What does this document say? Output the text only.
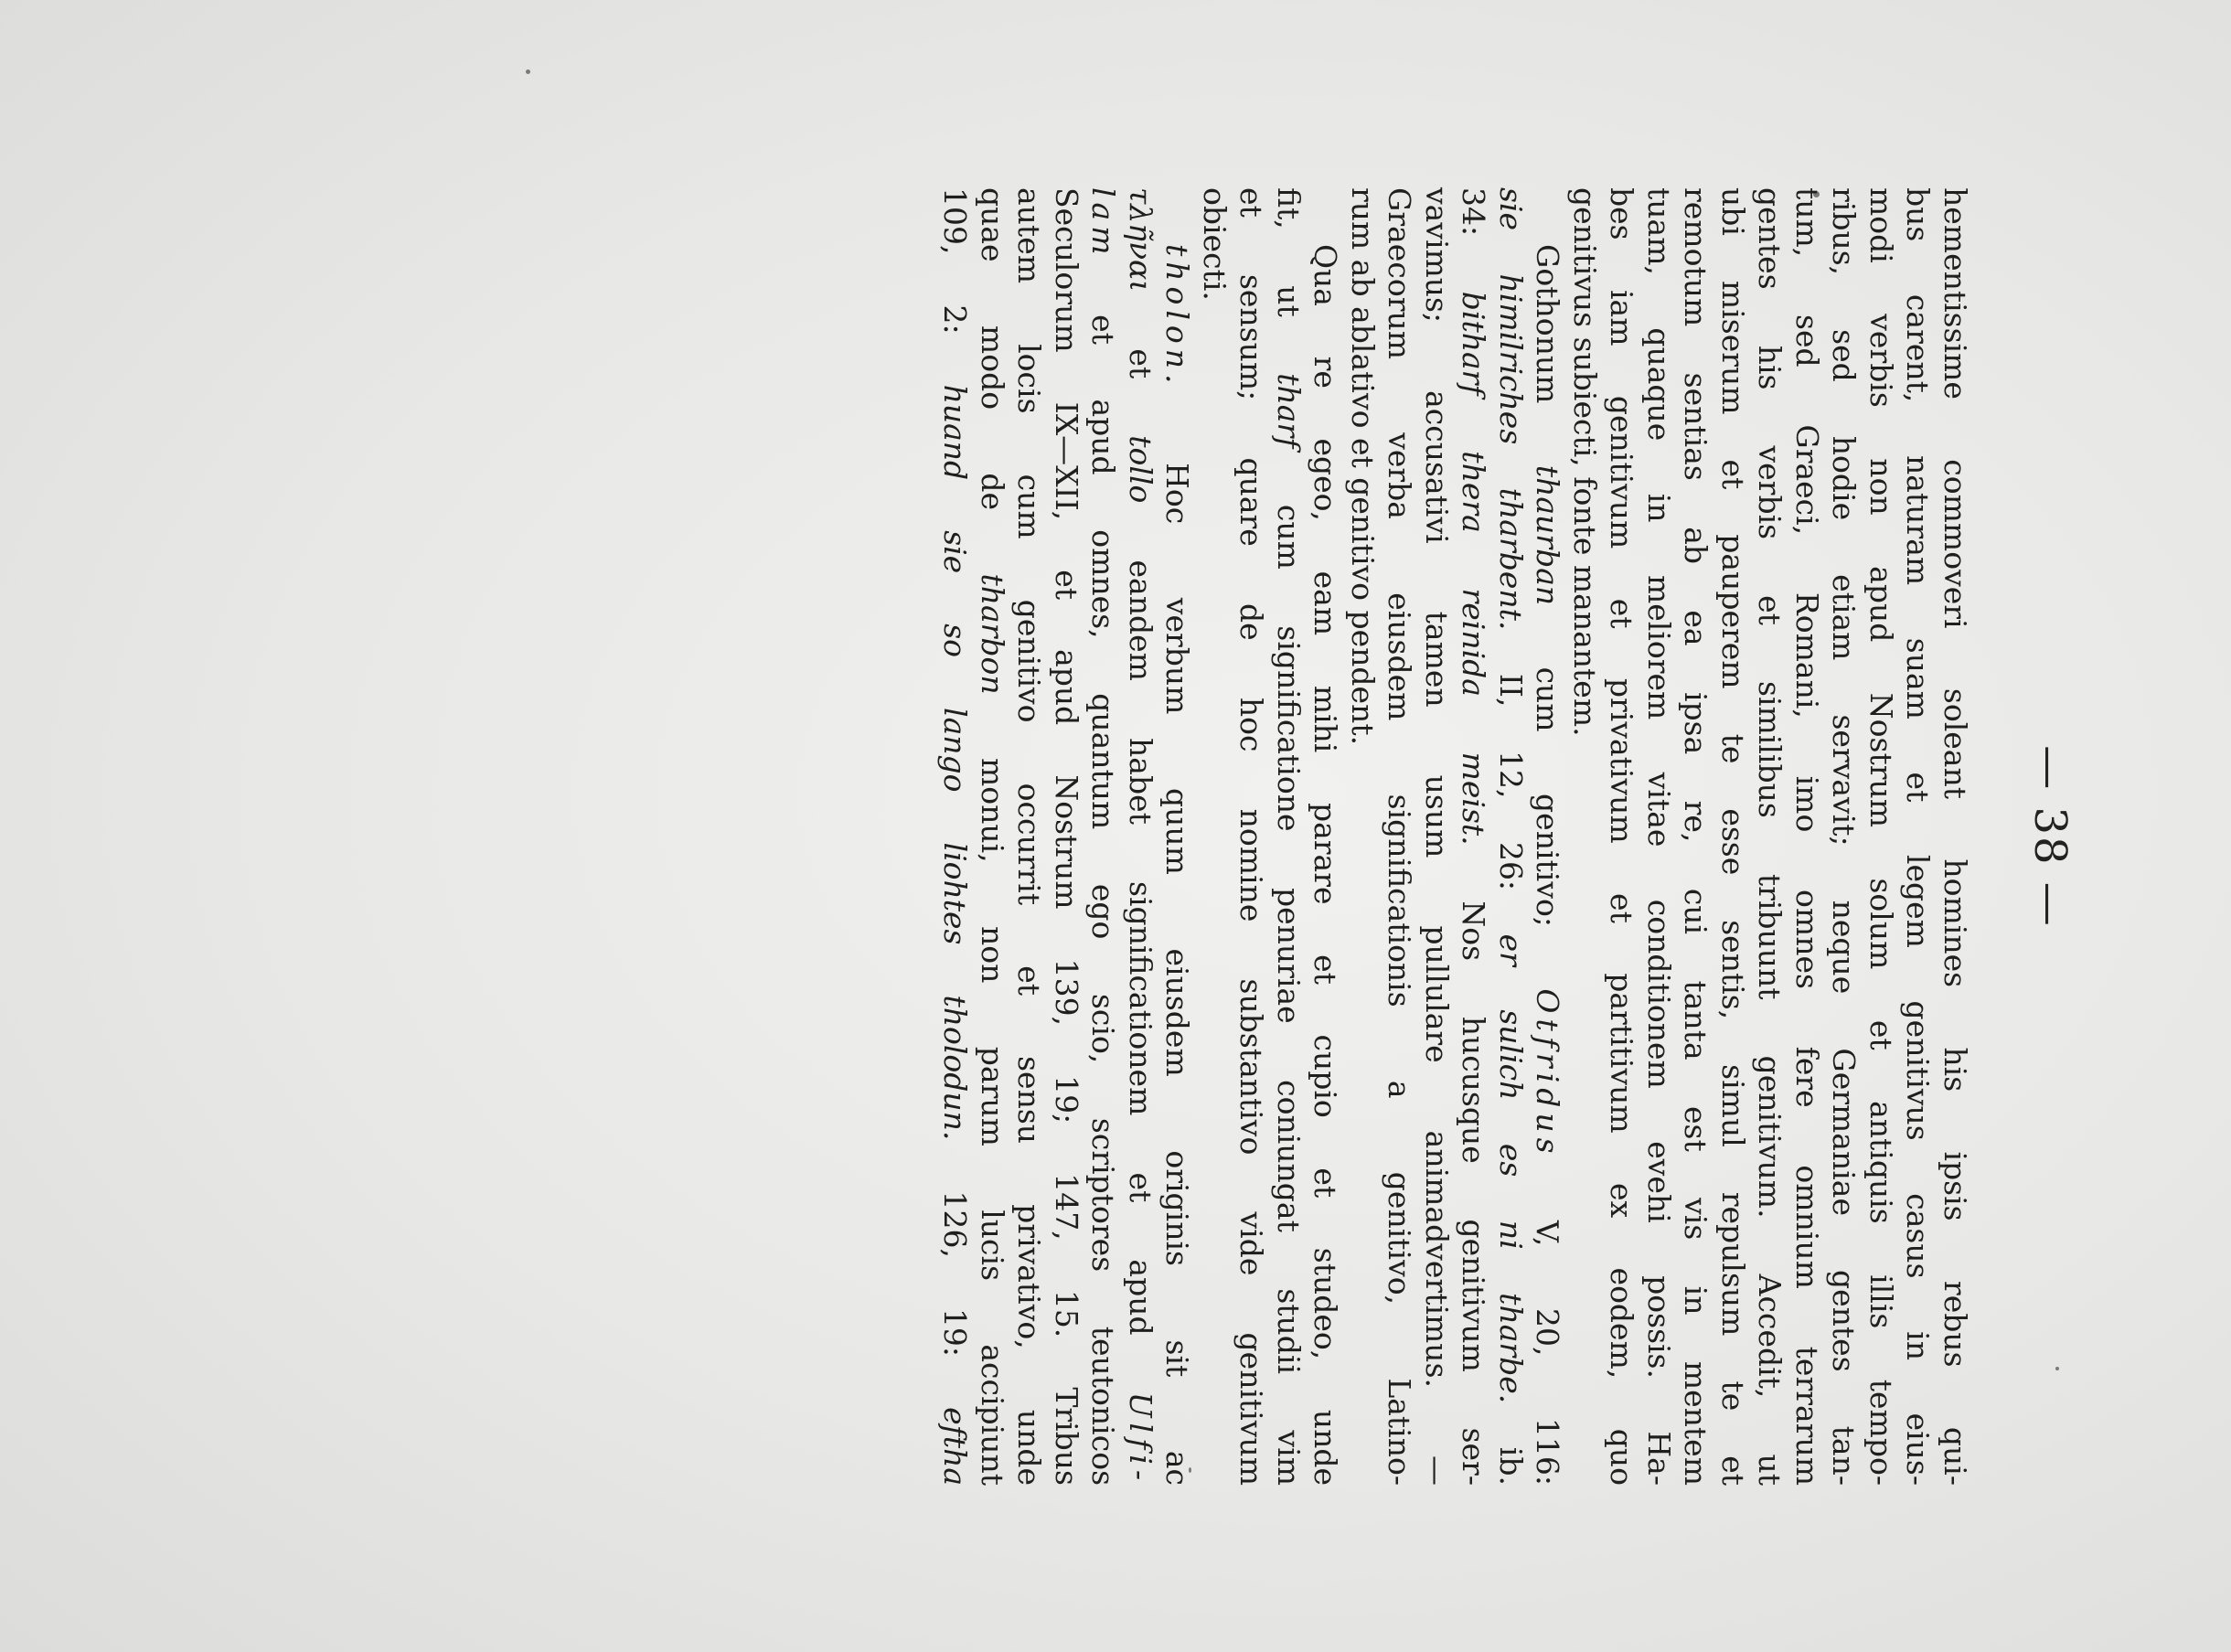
— 38 —
hementissime commoveri soleant homines his ipsis rebus qui-
bus carent, naturam suam et legem genitivus casus in eius-
modi verbis non apud Nostrum solum et antiquis illis tempo-
ribus, sed hodie etiam servavit; neque Germaniae gentes tan-
tum, sed Graeci, Romani, imo omnes fere omnium terrarum
gentes his verbis et similibus tribuunt genitivum. Accedit, ut
ubi miserum et pauperem te esse sentis, simul repulsum te et
remotum sentias ab ea ipsa re, cui tanta est vis in mentem
tuam, quaque in meliorem vitae conditionem evehi possis. Ha-
bes iam genitivum et privativum et partitivum ex eodem, quo
genitivus subiecti, fonte manantem.
Gothonum thaurban cum genitivo; Otfridus V, 20, 116:
sie himilriches tharbent. II, 12, 26: er sulich es ni tharbe. ib.
34: bitharf thera reinida meist. Nos hucusque genitivum ser-
vavimus; accusativi tamen usum pullulare animadvertimus. —
Graecorum verba eiusdem significationis a genitivo, Latino-
rum ab ablativo et genitivo pendent.
Qua re egeo, eam mihi parare et cupio et studeo, unde
fit, ut tharf cum significatione penuriae coniungat studii vim
et sensum; quare de hoc nomine substantivo vide genitivum
obiecti.
tholon. Hoc verbum quum eiusdem originis sit ac
τλῆναι et tollo eandem habet significationem et apud Ulfi-
lam et apud omnes, quantum ego scio, scriptores teutonicos
Seculorum IX—XII, et apud Nostrum 139, 19; 147, 15. Tribus
autem locis cum genitivo occurrit et sensu privativo, unde
quae modo de tharbon monui, non parum lucis accipiunt
109, 2: huand sie so lango liohtes tholodun. 126, 19: eftha
